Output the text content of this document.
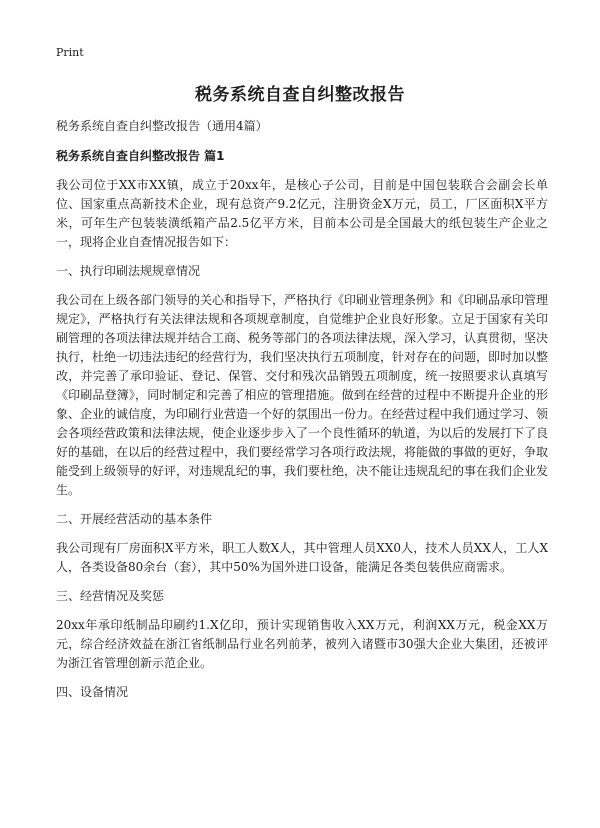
Print
税务系统自查自纠整改报告

税务系统自查自纠整改报告（通用4篇）

税务系统自查自纠整改报告 篇1

我公司位于XX市XX镇，成立于20xx年，是核心子公司，目前是中国包装联合会副会长单位、国家重点高新技术企业，现有总资产9.2亿元，注册资金X万元，员工，厂区面积X平方米，可年生产包装装潢纸箱产品2.5亿平方米，目前本公司是全国最大的纸包装生产企业之一，现将企业自查情况报告如下：

一、执行印刷法规规章情况

我公司在上级各部门领导的关心和指导下，严格执行《印刷业管理条例》和《印刷品承印管理规定》，严格执行有关法律法规和各项规章制度，自觉维护企业良好形象。立足于国家有关印刷管理的各项法律法规并结合工商、税务等部门的各项法律法规，深入学习，认真贯彻，坚决执行，杜绝一切违法违纪的经营行为，我们坚决执行五项制度，针对存在的问题，即时加以整改，并完善了承印验证、登记、保管、交付和残次品销毁五项制度，统一按照要求认真填写《印刷品登簿》，同时制定和完善了相应的管理措施。做到在经营的过程中不断提升企业的形象、企业的诚信度，为印刷行业营造一个好的氛围出一份力。在经营过程中我们通过学习、领会各项经营政策和法律法规，使企业逐步步入了一个良性循环的轨道，为以后的发展打下了良好的基础，在以后的经营过程中，我们要经常学习各项行政法规，将能做的事做的更好，争取能受到上级领导的好评，对违规乱纪的事，我们要杜绝，决不能让违规乱纪的事在我们企业发生。

二、开展经营活动的基本条件

我公司现有厂房面积X平方米，职工人数X人，其中管理人员XX0人，技术人员XX人，工人X人，各类设备80余台（套），其中50%为国外进口设备，能满足各类包装供应商需求。

三、经营情况及奖惩

20xx年承印纸制品印刷约1.X亿印，预计实现销售收入XX万元，利润XX万元，税金XX万元，综合经济效益在浙江省纸制品行业名列前茅，被列入诸暨市30强大企业大集团，还被评为浙江省管理创新示范企业。

四、设备情况
